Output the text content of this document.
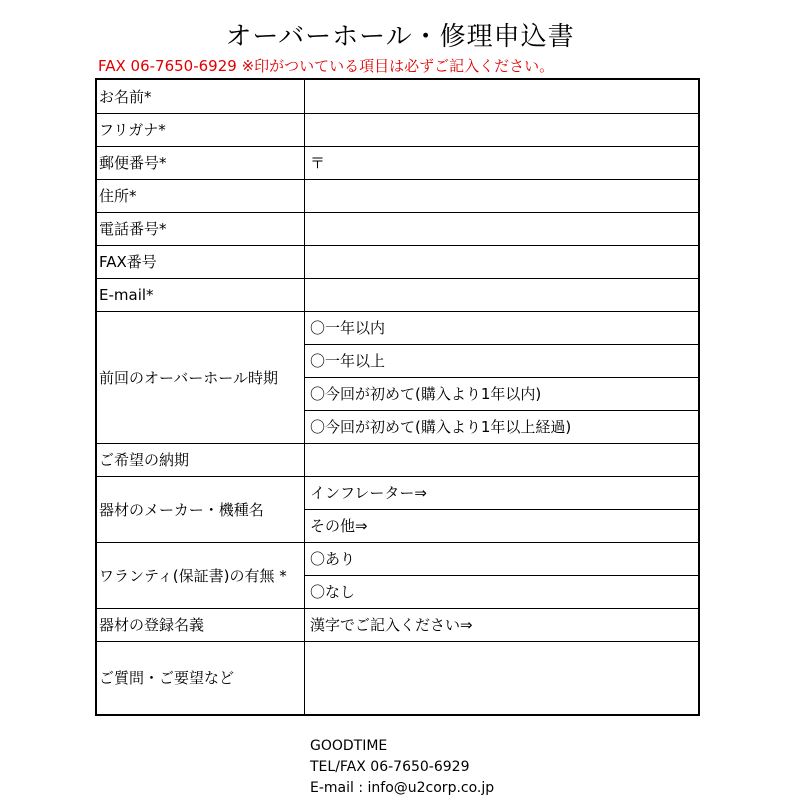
オーバーホール・修理申込書
FAX 06-7650-6929 ※印がついている項目は必ずご記入ください。
お名前*
フリガナ*
郵便番号*	〒
住所*
電話番号*
FAX番号
E-mail*
前回のオーバーホール時期
〇一年以内
〇一年以上
〇今回が初めて(購入より1年以内)
〇今回が初めて(購入より1年以上経過)
ご希望の納期
器材のメーカー・機種名
インフレーター⇒
その他⇒
ワランティ(保証書)の有無 *
〇あり
〇なし
器材の登録名義	漢字でご記入ください⇒
ご質問・ご要望など
GOODTIME
TEL/FAX 06-7650-6929
E-mail : info@u2corp.co.jp
